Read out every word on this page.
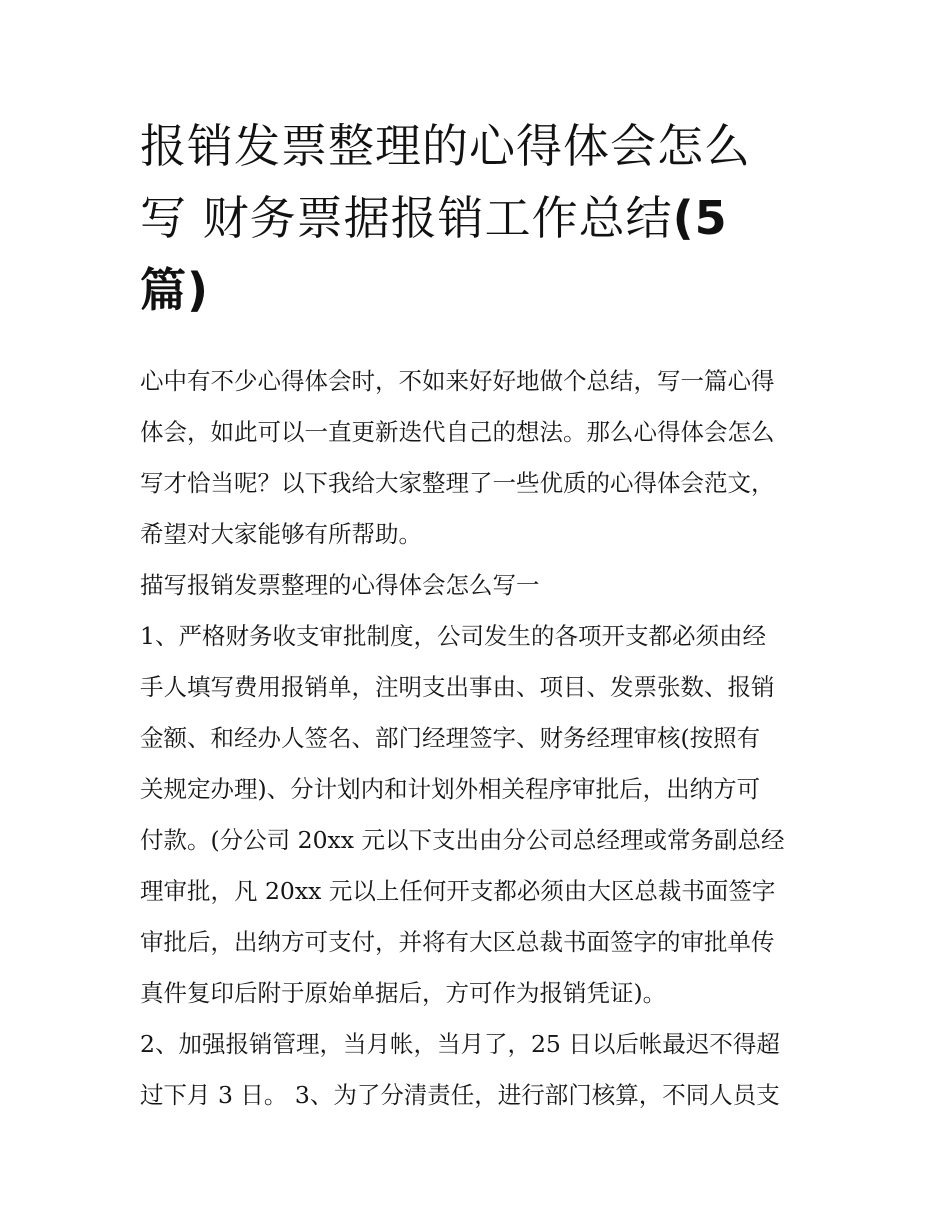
报销发票整理的心得体会怎么
写 财务票据报销工作总结(5
篇)

心中有不少心得体会时，不如来好好地做个总结，写一篇心得
体会，如此可以一直更新迭代自己的想法。那么心得体会怎么
写才恰当呢？以下我给大家整理了一些优质的心得体会范文，
希望对大家能够有所帮助。

描写报销发票整理的心得体会怎么写一

1、严格财务收支审批制度，公司发生的各项开支都必须由经
手人填写费用报销单，注明支出事由、项目、发票张数、报销
金额、和经办人签名、部门经理签字、财务经理审核(按照有
关规定办理)、分计划内和计划外相关程序审批后，出纳方可
付款。(分公司 20xx 元以下支出由分公司总经理或常务副总经
理审批，凡 20xx 元以上任何开支都必须由大区总裁书面签字
审批后，出纳方可支付，并将有大区总裁书面签字的审批单传
真件复印后附于原始单据后，方可作为报销凭证)。

2、加强报销管理，当月帐，当月了，25 日以后帐最迟不得超
过下月 3 日。 3、为了分清责任，进行部门核算，不同人员支
